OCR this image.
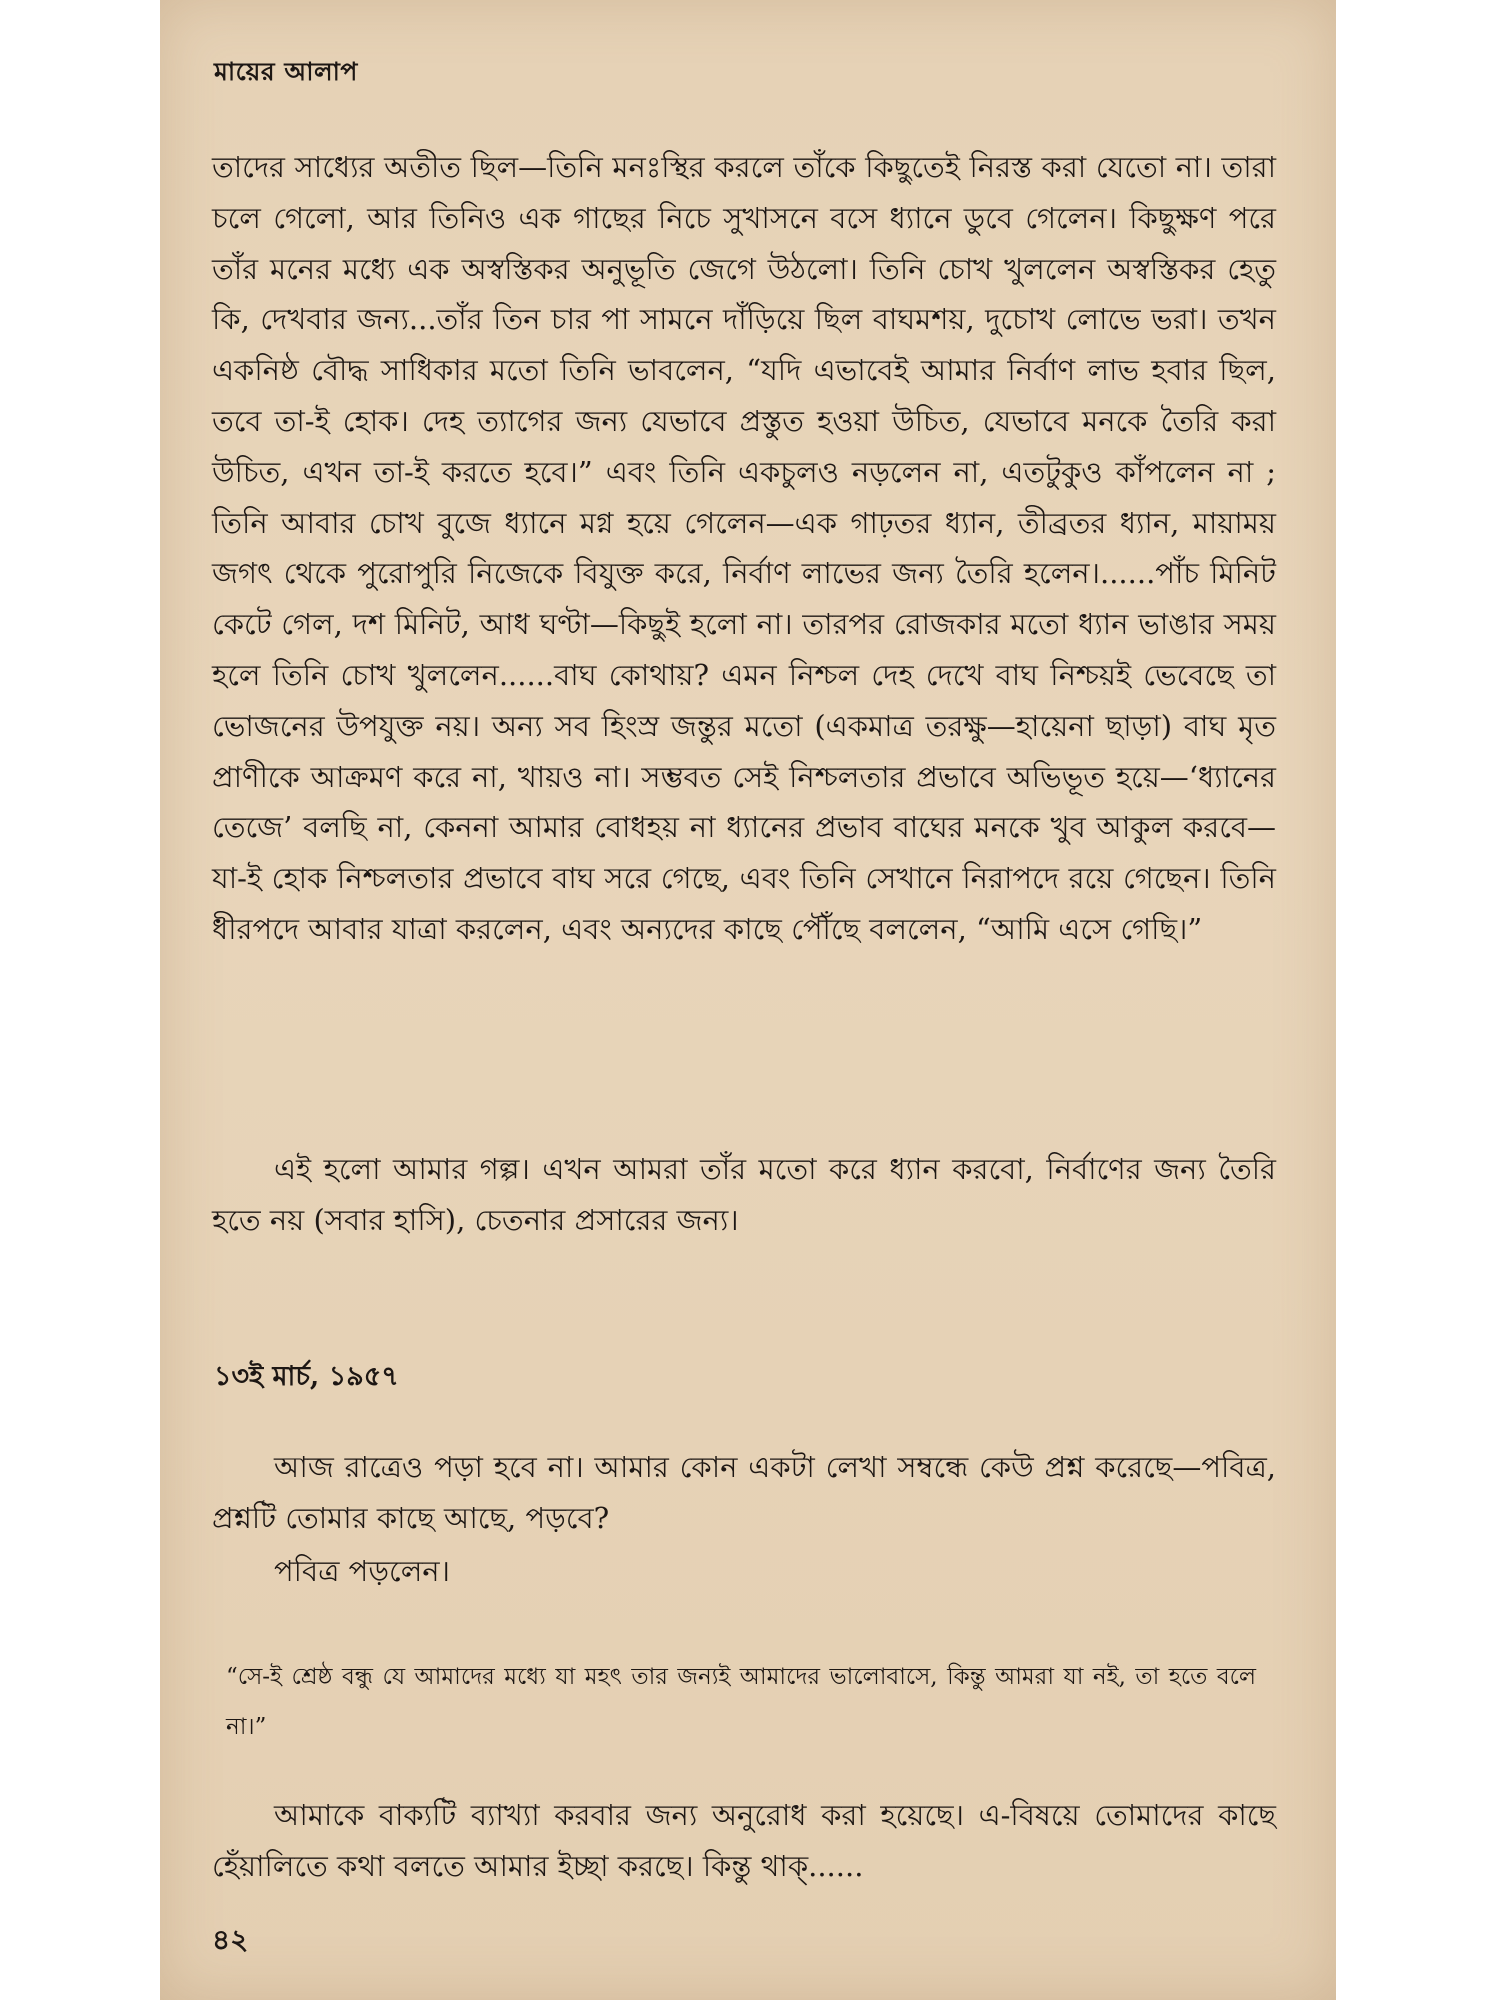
মায়ের আলাপ

তাদের সাধ্যের অতীত ছিল—তিনি মনঃস্থির করলে তাঁকে কিছুতেই নিরস্ত করা যেতো না। তারা চলে গেলো, আর তিনিও এক গাছের নিচে সুখাসনে বসে ধ্যানে ডুবে গেলেন। কিছুক্ষণ পরে তাঁর মনের মধ্যে এক অস্বস্তিকর অনুভূতি জেগে উঠলো। তিনি চোখ খুললেন অস্বস্তিকর হেতু কি, দেখবার জন্য...তাঁর তিন চার পা সামনে দাঁড়িয়ে ছিল বাঘমশয়, দুচোখ লোভে ভরা। তখন একনিষ্ঠ বৌদ্ধ সাধিকার মতো তিনি ভাবলেন, “যদি এভাবেই আমার নির্বাণ লাভ হবার ছিল, তবে তা-ই হোক। দেহ ত্যাগের জন্য যেভাবে প্রস্তুত হওয়া উচিত, যেভাবে মনকে তৈরি করা উচিত, এখন তা-ই করতে হবে।” এবং তিনি একচুলও নড়লেন না, এতটুকুও কাঁপলেন না ; তিনি আবার চোখ বুজে ধ্যানে মগ্ন হয়ে গেলেন—এক গাঢ়তর ধ্যান, তীব্রতর ধ্যান, মায়াময় জগৎ থেকে পুরোপুরি নিজেকে বিযুক্ত করে, নির্বাণ লাভের জন্য তৈরি হলেন।......পাঁচ মিনিট কেটে গেল, দশ মিনিট, আধ ঘণ্টা—কিছুই হলো না। তারপর রোজকার মতো ধ্যান ভাঙার সময় হলে তিনি চোখ খুললেন......বাঘ কোথায়? এমন নিশ্চল দেহ দেখে বাঘ নিশ্চয়ই ভেবেছে তা ভোজনের উপযুক্ত নয়। অন্য সব হিংস্র জন্তুর মতো (একমাত্র তরক্ষু—হায়েনা ছাড়া) বাঘ মৃত প্রাণীকে আক্রমণ করে না, খায়ও না। সম্ভবত সেই নিশ্চলতার প্রভাবে অভিভূত হয়ে—‘ধ্যানের তেজে’ বলছি না, কেননা আমার বোধহয় না ধ্যানের প্রভাব বাঘের মনকে খুব আকুল করবে—যা-ই হোক নিশ্চলতার প্রভাবে বাঘ সরে গেছে, এবং তিনি সেখানে নিরাপদে রয়ে গেছেন। তিনি ধীরপদে আবার যাত্রা করলেন, এবং অন্যদের কাছে পৌঁছে বললেন, “আমি এসে গেছি।”

এই হলো আমার গল্প। এখন আমরা তাঁর মতো করে ধ্যান করবো, নির্বাণের জন্য তৈরি হতে নয় (সবার হাসি), চেতনার প্রসারের জন্য।

১৩ই মার্চ, ১৯৫৭

আজ রাত্রেও পড়া হবে না। আমার কোন একটা লেখা সম্বন্ধে কেউ প্রশ্ন করেছে—পবিত্র, প্রশ্নটি তোমার কাছে আছে, পড়বে?

পবিত্র পড়লেন।

“সে-ই শ্রেষ্ঠ বন্ধু যে আমাদের মধ্যে যা মহৎ তার জন্যই আমাদের ভালোবাসে, কিন্তু আমরা যা নই, তা হতে বলে না।”

আমাকে বাক্যটি ব্যাখ্যা করবার জন্য অনুরোধ করা হয়েছে। এ-বিষয়ে তোমাদের কাছে হেঁয়ালিতে কথা বলতে আমার ইচ্ছা করছে। কিন্তু থাক্‌......

৪২
